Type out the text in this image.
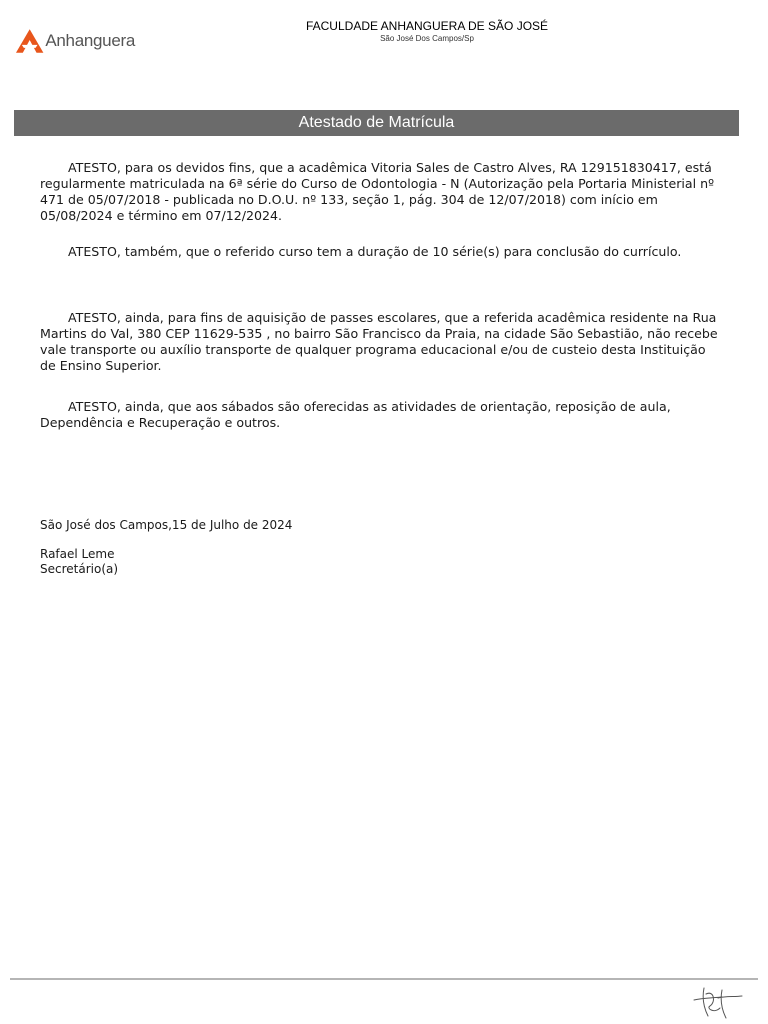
Anhanguera
FACULDADE ANHANGUERA DE SÃO JOSÉ
São José Dos Campos/Sp
Atestado de Matrícula

ATESTO, para os devidos fins, que a acadêmica Vitoria Sales de Castro Alves, RA 129151830417, está regularmente matriculada na 6ª série do Curso de Odontologia - N (Autorização pela Portaria Ministerial nº 471 de 05/07/2018 - publicada no D.O.U. nº 133, seção 1, pág. 304 de 12/07/2018) com início em 05/08/2024 e término em 07/12/2024.

ATESTO, também, que o referido curso tem a duração de 10 série(s) para conclusão do currículo.

ATESTO, ainda, para fins de aquisição de passes escolares, que a referida acadêmica residente na Rua Martins do Val, 380 CEP 11629-535 , no bairro São Francisco da Praia, na cidade São Sebastião, não recebe vale transporte ou auxílio transporte de qualquer programa educacional e/ou de custeio desta Instituição de Ensino Superior.

ATESTO, ainda, que aos sábados são oferecidas as atividades de orientação, reposição de aula, Dependência e Recuperação e outros.

São José dos Campos,15 de Julho de 2024
Rafael Leme
Secretário(a)
